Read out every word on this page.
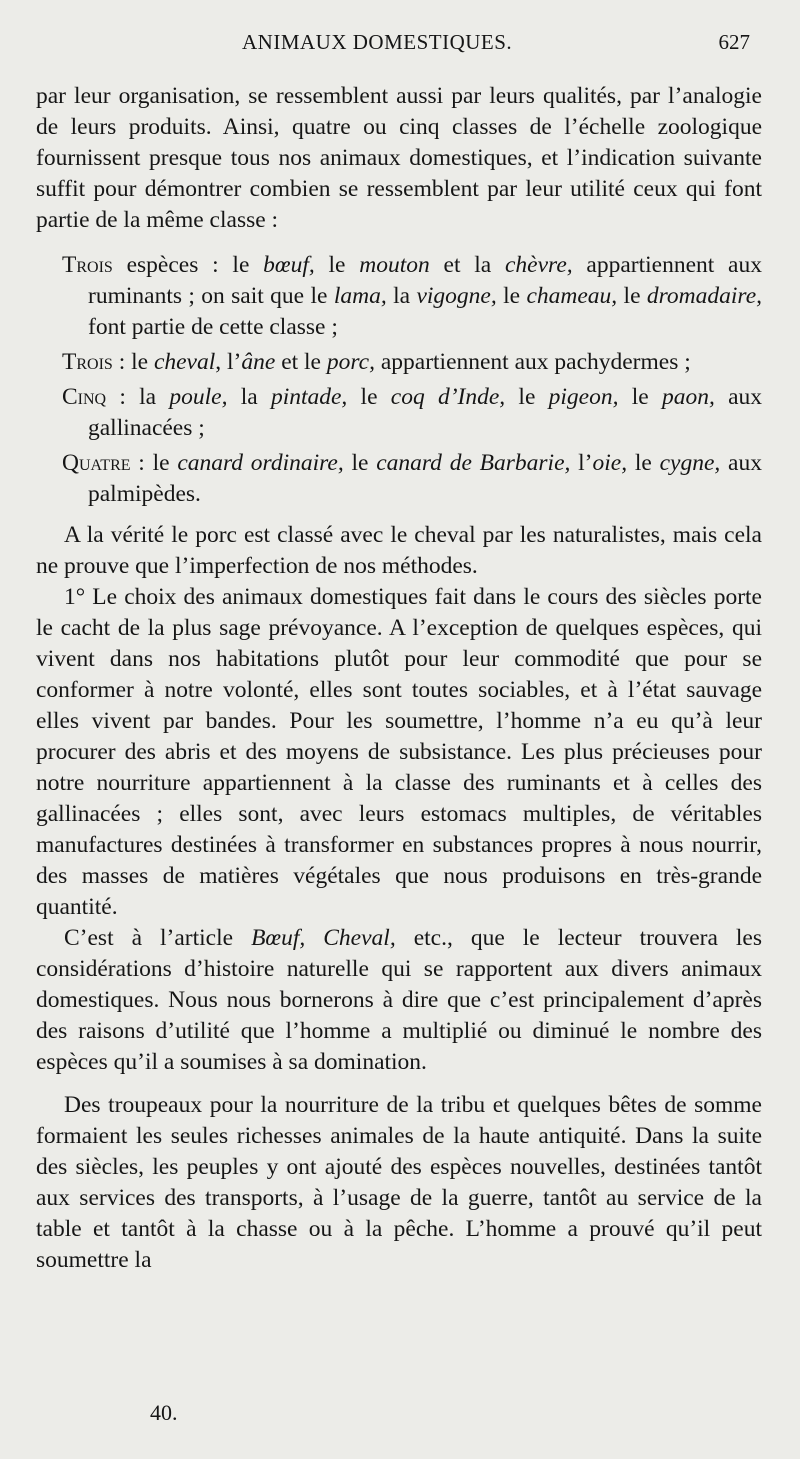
ANIMAUX DOMESTIQUES.	627

par leur organisation, se ressemblent aussi par leurs qualités, par l’analogie de leurs produits. Ainsi, quatre ou cinq classes de l’échelle zoologique fournissent presque tous nos animaux domestiques, et l’indication suivante suffit pour démontrer combien se ressemblent par leur utilité ceux qui font partie de la même classe :

Trois espèces : le bœuf, le mouton et la chèvre, appartiennent aux ruminants ; on sait que le lama, la vigogne, le chameau, le dromadaire, font partie de cette classe ;

Trois : le cheval, l’âne et le porc, appartiennent aux pachydermes ;

Cinq : la poule, la pintade, le coq d’Inde, le pigeon, le paon, aux gallinacées ;

Quatre : le canard ordinaire, le canard de Barbarie, l’oie, le cygne, aux palmipèdes.

A la vérité le porc est classé avec le cheval par les naturalistes, mais cela ne prouve que l’imperfection de nos méthodes.

1° Le choix des animaux domestiques fait dans le cours des siècles porte le cacht de la plus sage prévoyance. A l’exception de quelques espèces, qui vivent dans nos habitations plutôt pour leur commodité que pour se conformer à notre volonté, elles sont toutes sociables, et à l’état sauvage elles vivent par bandes. Pour les soumettre, l’homme n’a eu qu’à leur procurer des abris et des moyens de subsistance. Les plus précieuses pour notre nourriture appartiennent à la classe des ruminants et à celles des gallinacées ; elles sont, avec leurs estomacs multiples, de véritables manufactures destinées à transformer en substances propres à nous nourrir, des masses de matières végétales que nous produisons en très-grande quantité.

C’est à l’article Bœuf, Cheval, etc., que le lecteur trouvera les considérations d’histoire naturelle qui se rapportent aux divers animaux domestiques. Nous nous bornerons à dire que c’est principalement d’après des raisons d’utilité que l’homme a multiplié ou diminué le nombre des espèces qu’il a soumises à sa domination.

Des troupeaux pour la nourriture de la tribu et quelques bêtes de somme formaient les seules richesses animales de la haute antiquité. Dans la suite des siècles, les peuples y ont ajouté des espèces nouvelles, destinées tantôt aux services des transports, à l’usage de la guerre, tantôt au service de la table et tantôt à la chasse ou à la pêche. L’homme a prouvé qu’il peut soumettre la

40.
